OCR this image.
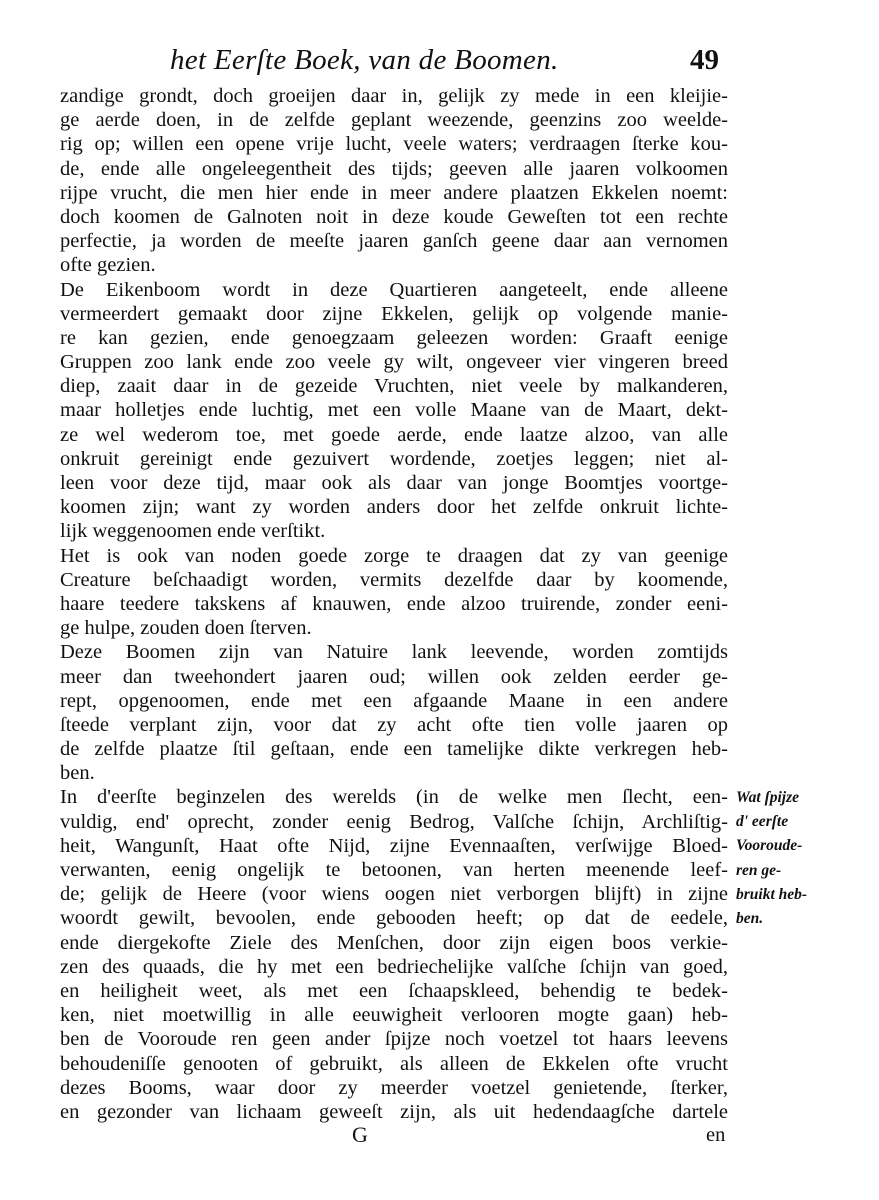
het Eerſte Boek, van de Boomen.	49
zandige grondt, doch groeijen daar in, gelijk zy mede in een kleijie-
ge aerde doen, in de zelfde geplant weezende, geenzins zoo weelde-
rig op; willen een opene vrije lucht, veele waters; verdraagen ſterke kou-
de, ende alle ongeleegentheit des tijds; geeven alle jaaren volkoomen
rijpe vrucht, die men hier ende in meer andere plaatzen Ekkelen noemt:
doch koomen de Galnoten noit in deze koude Geweſten tot een rechte
perfectie, ja worden de meeſte jaaren ganſch geene daar aan vernomen
ofte gezien.
De Eikenboom wordt in deze Quartieren aangeteelt, ende alleene
vermeerdert gemaakt door zijne Ekkelen, gelijk op volgende manie-
re kan gezien, ende genoegzaam geleezen worden: Graaft eenige
Gruppen zoo lank ende zoo veele gy wilt, ongeveer vier vingeren breed
diep, zaait daar in de gezeide Vruchten, niet veele by malkanderen,
maar holletjes ende luchtig, met een volle Maane van de Maart, dekt-
ze wel wederom toe, met goede aerde, ende laatze alzoo, van alle
onkruit gereinigt ende gezuivert wordende, zoetjes leggen; niet al-
leen voor deze tijd, maar ook als daar van jonge Boomtjes voortge-
koomen zijn; want zy worden anders door het zelfde onkruit lichte-
lijk weggenoomen ende verſtikt.
Het is ook van noden goede zorge te draagen dat zy van geenige
Creature beſchaadigt worden, vermits dezelfde daar by koomende,
haare teedere takskens af knauwen, ende alzoo truirende, zonder eeni-
ge hulpe, zouden doen ſterven.
Deze Boomen zijn van Natuire lank leevende, worden zomtijds
meer dan tweehondert jaaren oud; willen ook zelden eerder ge-
rept, opgenoomen, ende met een afgaande Maane in een andere
ſteede verplant zijn, voor dat zy acht ofte tien volle jaaren op
de zelfde plaatze ſtil geſtaan, ende een tamelijke dikte verkregen heb-
ben.
In d'eerſte beginzelen des werelds (in de welke men ſlecht, een-
vuldig, end' oprecht, zonder eenig Bedrog, Valſche ſchijn, Archliſtig-
heit, Wangunſt, Haat ofte Nijd, zijne Evennaaſten, verſwijge Bloed-
verwanten, eenig ongelijk te betoonen, van herten meenende leef-
de; gelijk de Heere (voor wiens oogen niet verborgen blijft) in zijne
woordt gewilt, bevoolen, ende gebooden heeft; op dat de eedele,
ende diergekofte Ziele des Menſchen, door zijn eigen boos verkie-
zen des quaads, die hy met een bedriechelijke valſche ſchijn van goed,
en heiligheit weet, als met een ſchaapskleed, behendig te bedek-
ken, niet moetwillig in alle eeuwigheit verlooren mogte gaan) heb-
ben de Vooroude ren geen ander ſpijze noch voetzel tot haars leevens
behoudeniſſe genooten of gebruikt, als alleen de Ekkelen ofte vrucht
dezes Booms, waar door zy meerder voetzel genietende, ſterker,
en gezonder van lichaam geweeſt zijn, als uit hedendaagſche dartele
Wat ſpijze
d' eerſte
Vooroude-
ren ge-
bruikt heb-
ben.
G	en
